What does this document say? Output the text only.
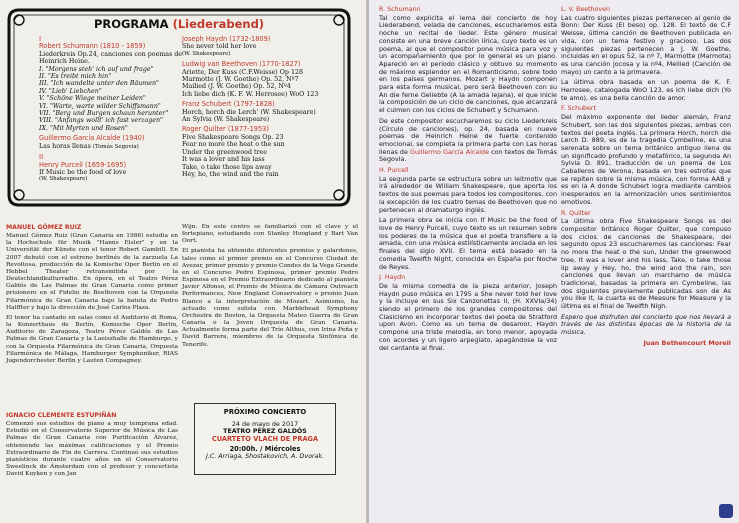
PROGRAMA (Liederabend)
I
Robert Schumann (1810 - 1859)
Liederkreis Op.24, canciones con poemas de Heinrich Heine.
I. "Morgens steh' ich auf und frage"
II. "Es treibt mich hin"
III. "Ich wandelte unter den Bäumen"
IV. "Lieb' Liebchen"
V. "Schöne Wiege meiner Leiden"
VI. "Warte, warte wilder Schiffsmann"
VII. "Berg und Burgen schaun herunter"
VIII. "Anfangs wollt' ich fast verzagen"
IX. "Mit Myrten und Rosen"
Guillermo García Alcalde (1940)
Las horas llenas (Tomás Segovia)
II
Henry Purcell (1659-1695)
If Music be the food of love
(W. Shakespeare)
Joseph Haydn (1732-1809)
She never told her love
(W. Shakespeare)
Ludwig van Beethoven (1770-1827)
Ariette, Der Kuss (C.F.Weisse) Op 128
Marmotte (J. W. Goethe) Op. 52, Nº7
Mailied (J. W. Goethe) Op. 52, Nº4
Ich liebe dich (K. F. W. Herrosee) WoO 123
Franz Schubert (1797-1828)
Horch, horch die Lerch' (W. Shakespeare)
An Sylvia (W. Shakespeare)
Roger Quilter (1877-1953)
Five Shakespeare Songs Op. 23
Fear no more the heat o the sun
Under the greenwood tree
It was a lover and his lass
Take, o take those lips away
Hey, ho, the wind and the rain
MANUEL GÓMEZ RUIZ

Manuel Gómez Ruiz (Gran Canaria en 1986) estudia en la Hochschule für Musik "Hanns Eisler" y en la Universität der Künste con el tenor Robert Gambill. En 2007 debutó con el estreno berlinés de la zarzuela La Revoltosa, producción de la Komische Oper Berlin en el Hebbel Theater retransmitida por la Deutschlandkulturradio. En ópera, en el Teatro Pérez Galdós de Las Palmas de Gran Canaria como primer prisionero en el Fidelio de Beethoven con la Orquesta Filarmónica de Gran Canaria bajo la batuta de Pedro Halffter y bajo la dirección de José Carlos Plaza.

El tenor ha cantado en salas como el Auditorio di Roma, la Konzerthaus de Berlín, Komische Oper Berlin, Auditorio de Zaragoza, Teatro Pérez Galdós de Las Palmas de Gran Canaria y la Laeiszhalle de Hamburgo, y con la Orquesta Filarmónica de Gran Canaria, Orquesta Filarmónica de Málaga, Hamburger Symphoniker, RIAS Jugendorchester Berlin y Lauten Compagney.

IGNACIO CLEMENTE ESTUPIÑÁN

Comenzó sus estudios de piano a muy temprana edad. Estudió en el Conservatorio Superior de Música de Las Palmas de Gran Canaria con Purificación Álvarez, obteniendo las máximas calificaciones y el Premio Extraordinario de Fin de Carrera. Continuó sus estudios pianísticos durante cuatro años en el Conservatorio Sweelinck de Ámsterdam con el profesor y concertista David Kuyken y con Jan

Wijn. En este centro se familiarizó con el clave y el fortepiano, estudiando con Stanley Hoogland y Bart Van Oort.

El pianista ha obtenido diferentes premios y galardones, tales como el primer premio en el Concurso Ciudad de Avezar, primer premio y premio Condes de la Vega Grande en el Concurso Pedro Espinosa, primer premio Pedro Espinosa en el Premio Extraordinario dedicado al pianista Javier Alfonso, el Premio de Música de Cámara Outreach Performances, New England Conservatory o premio Juan Blanco a la interpretación de Mozart. Asimismo, ha actuado como solista con Marblehead Symphony Orchestra de Boston, la Orquesta Mateo Guerra de Gran Canaria o la Joven Orquesta de Gran Canaria. Actualmente forma parte del Trío Althus, con Irina Peña y David Barrera, miembros de la Orquesta Sinfónica de Tenerife.

PRÓXIMO CONCIERTO
24 de mayo de 2017
TEATRO PÉREZ GALDÓS
CUARTETO VLACH DE PRAGA
20:00h. / Miércoles
J.C. Arriaga, Shostakovich, A. Dvorak.
R. Schumann

Tal como explicita el lema del concierto de hoy Liederabend, velada de canciones, escucharemos esta noche un recital de lieder. Este género musical consiste en una breve canción lírica, cuyo texto es un poema, al que el compositor pone música para voz y un acompañamiento que por lo general es un piano. Apareció en el periodo clásico y obtuvo su momento de máximo esplendor en el Romanticismo, sobre todo en los países germanos. Mozart y Haydn componen para esta forma musical, pero será Beethoven con su An die ferne Geliebte (A la amada lejana), el que inicie la composición de un ciclo de canciones, que alcanzará el culmen con los ciclos de Schubert y Schumann.

De este compositor escucharemos su ciclo Liederkreis (Círculo de canciones), op. 24, basada en nueve poemas de Heinrich Heine de fuerte contenido emocional, se completa la primera parte con Las horas llenas de Guillermo García Alcalde con textos de Tomás Segovia.

H. Purcell

La segunda parte se estructura sobre un leitmotiv que irá alrededor de William Shakespeare, que aporta los textos de sus poemas para todos los compositores, con la excepción de los cuatro temas de Beethoven que no pertenecen al dramaturgo inglés.

La primera obra se inicia con If Music be the food of love de Henry Purcell, cuyo texto es un resumen sobre los poderes de la música que el poeta transfiere a la amada, con una música estilísticamente anclada en los finales del siglo XVII. El tema está basado en la comedia Twelfth Night, conocida en España por Noche de Reyes.

J. Haydn

De la misma comedia de la pieza anterior, Joseph Haydn puso música en 1795 a She never told her love y la incluye en sus Six Canzonettas II, (H. XXVIa/34) siendo el primero de los grandes compositores del Clasicismo en incorporar textos del poeta de Stratford upon Avon. Como es un tema de desamor, Haydn compone una triste melodía, en tono menor, apoyada con acordes y un ligero arpegiato, apagándose la voz del cantante al final.

L. V. Beethoven

Las cuatro siguientes piezas pertenecen al genio de Bonn: Der Kuss (El beso) op. 128. El texto de C.F Weisse, última canción de Beethoven publicada en vida, con un tema festivo y gracioso. Las dos siguientes piezas pertenecen a J. W. Goethe, incluidas en el opus 52, la nº 7, Marmotte (Marmota) es una canción jocosa y la nº4, Meilied (Canción de mayo) un canto a la primavera.

La última obra basada en un poema de K. F. Herrosee, catalogada WoO 123, es Ich liebe dich (Yo te amo), es una bella canción de amor.

F. Schubert

Del máximo exponente del lieder alemán, Franz Schubert, son las dos siguientes piezas, ambas con textos del poeta inglés. La primera Horch, horch die Lerch D. 889, es de la tragedia Cymbeline, es una serenata sobre un tema británico antiguo llena de un significado profundo y metafórico, la segunda An Sylvia D. 891, traducción de un poema de Los Caballeros de Verona, basada en tres estrofas que se repiten sobre la misma música, con forma AAB y es en la A donde Schubert logra mediante cambios inesperados en la armonización unos sentimientos emotivos.

R. Quilter

La última obra Five Shakespeare Songs es del compositor británico Roger Quilter, que compuso dos ciclos de canciones de Shakespeare, del segundo opus 23 escucharemos las canciones: Fear no more the heat o the sun, Under the greenwood tree, It was a lover and his lass, Take, o take those lip away y Hey, ho, the wind and the rain, son canciones que llevan un marchamo de música tradicional, basadas la primera en Cymbeline, las dos siguientes previamente publicadas son de As you like it, la cuarta es de Measure for Measure y la última es el final de Twelfth Nigh.

Espero que disfruten del concierto que nos llevará a través de las distintas épocas de la historia de la música.

Juan Bethencourt Morell
